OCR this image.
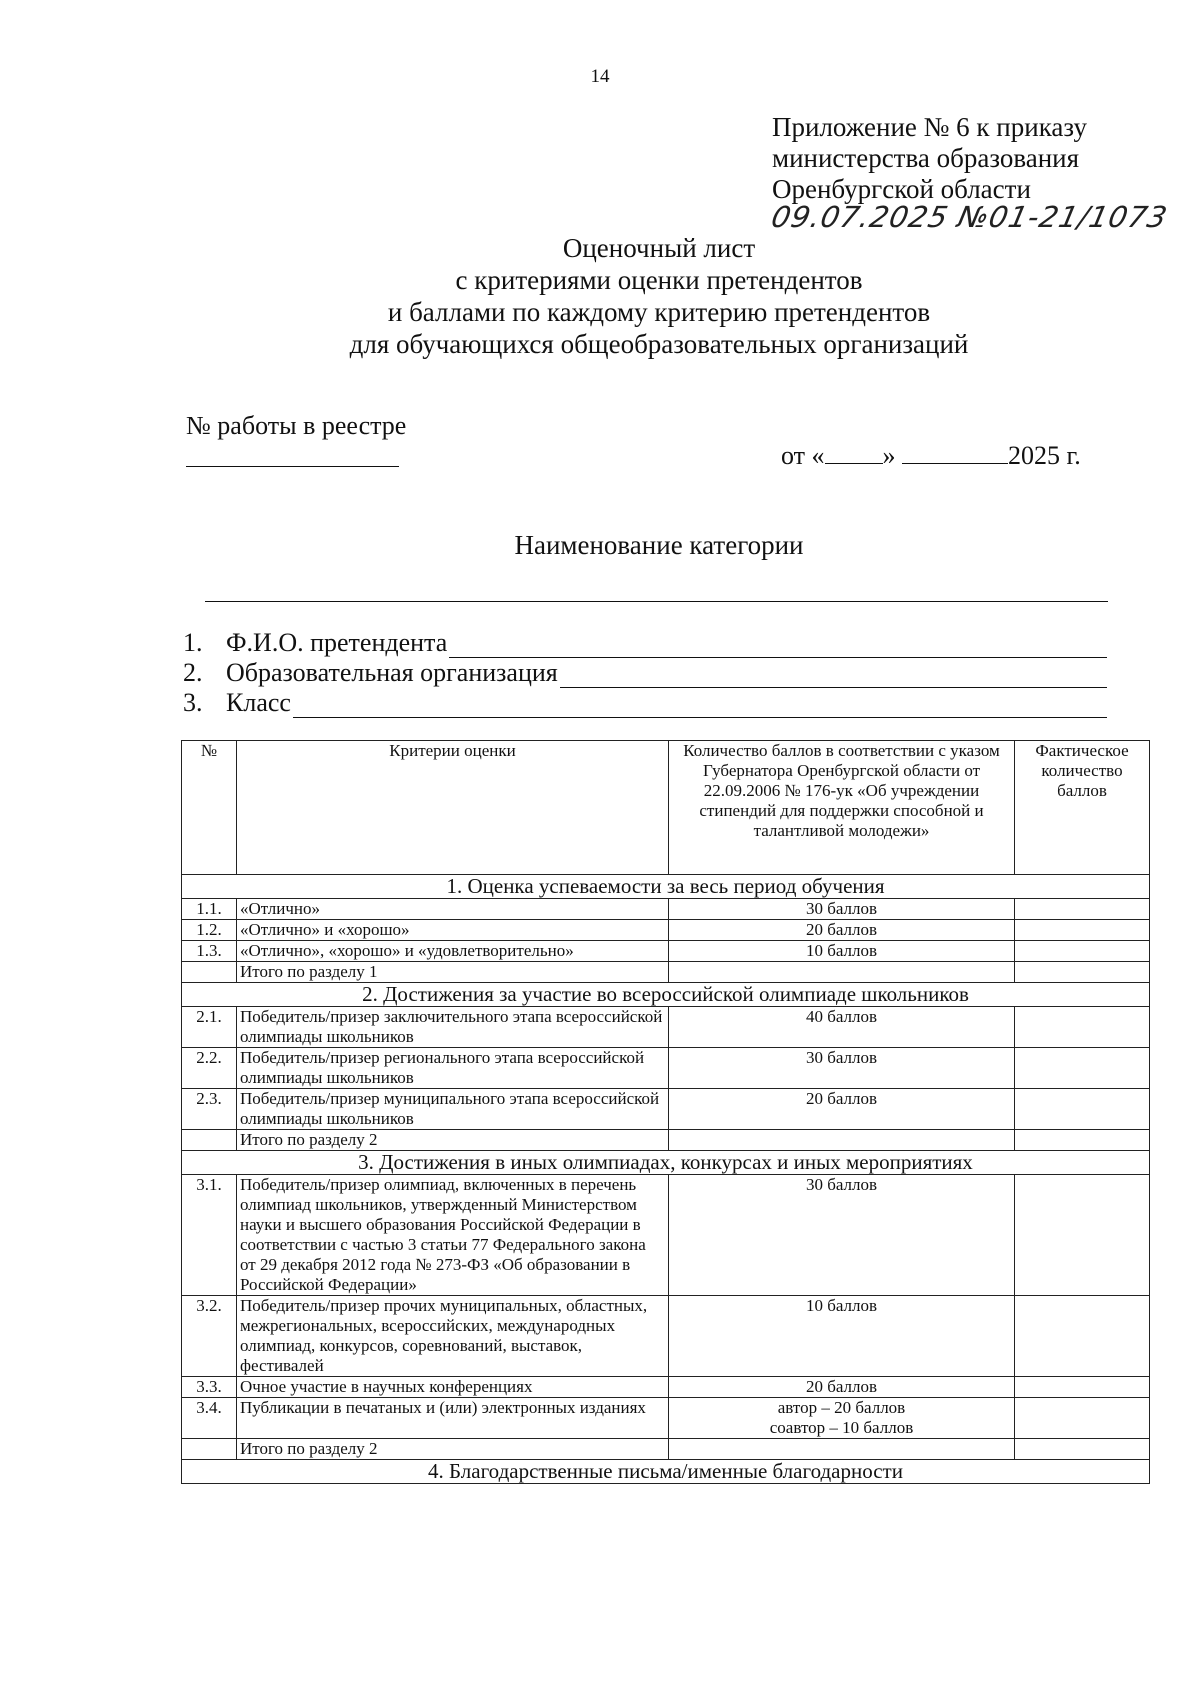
14
Приложение № 6 к приказу
министерства образования
Оренбургской области
09.07.2025 №01-21/1073
Оценочный лист
с критериями оценки претендентов
и баллами по каждому критерию претендентов
для обучающихся общеобразовательных организаций
№ работы в реестре
от « »	2025 г.
Наименование категории
1. Ф.И.О. претендента
2. Образовательная организация
3. Класс
№	Критерии оценки	Количество баллов в соответствии с указом Губернатора Оренбургской области от 22.09.2006 № 176-ук «Об учреждении стипендий для поддержки способной и талантливой молодежи»	Фактическое количество баллов
1. Оценка успеваемости за весь период обучения			
1.1.	«Отлично»	30 баллов	
1.2.	«Отлично» и «хорошо»	20 баллов	
1.3.	«Отлично», «хорошо» и «удовлетворительно»	10 баллов	
	Итого по разделу 1		
2. Достижения за участие во всероссийской олимпиаде школьников			
2.1.	Победитель/призер заключительного этапа всероссийской олимпиады школьников	40 баллов	
2.2.	Победитель/призер регионального этапа всероссийской олимпиады школьников	30 баллов	
2.3.	Победитель/призер муниципального этапа всероссийской олимпиады школьников	20 баллов	
	Итого по разделу 2		
3. Достижения в иных олимпиадах, конкурсах и иных мероприятиях			
3.1.	Победитель/призер олимпиад, включенных в перечень олимпиад школьников, утвержденный Министерством науки и высшего образования Российской Федерации в соответствии с частью 3 статьи 77 Федерального закона от 29 декабря 2012 года № 273-ФЗ «Об образовании в Российской Федерации»	30 баллов	
3.2.	Победитель/призер прочих муниципальных, областных, межрегиональных, всероссийских, международных олимпиад, конкурсов, соревнований, выставок, фестивалей	10 баллов	
3.3.	Очное участие в научных конференциях	20 баллов	
3.4.	Публикации в печатаных и (или) электронных изданиях	автор – 20 баллов
соавтор – 10 баллов	

	Итого по разделу 2		
4. Благодарственные письма/именные благодарности			
